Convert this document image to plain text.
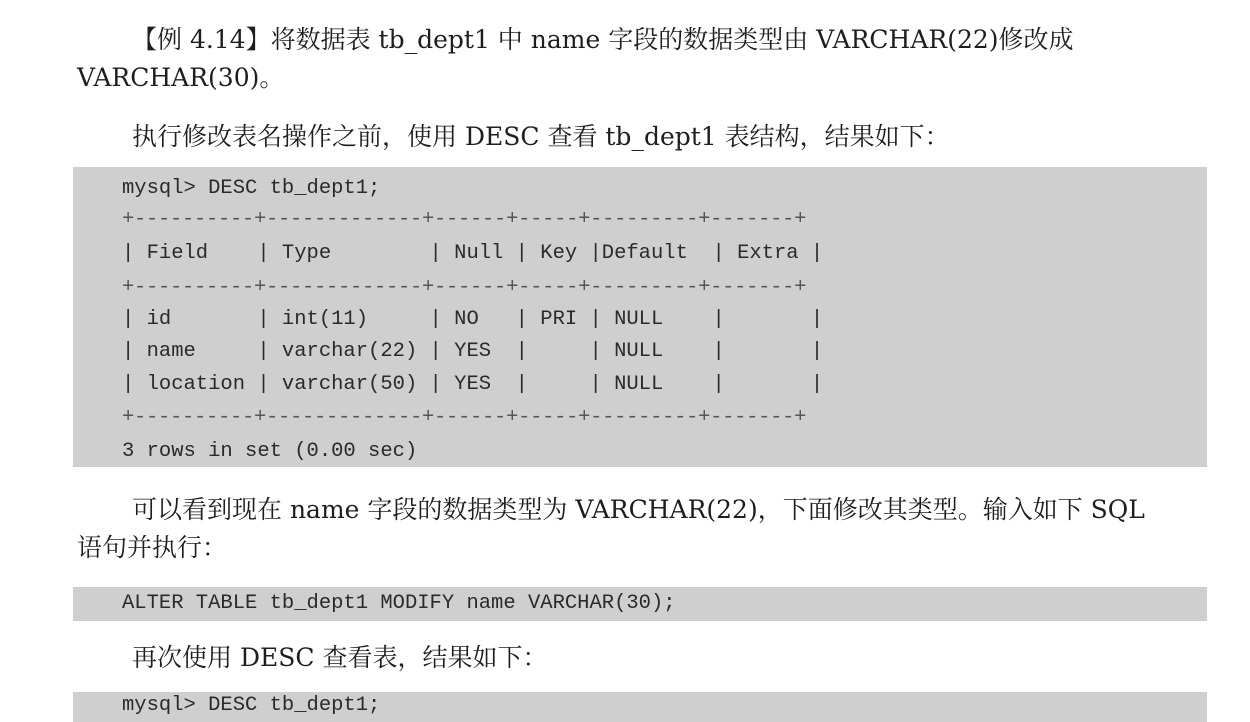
【例 4.14】将数据表 tb_dept1 中 name 字段的数据类型由 VARCHAR(22)修改成

VARCHAR(30)。

执行修改表名操作之前，使用 DESC 查看 tb_dept1 表结构，结果如下：

mysql> DESC tb_dept1;
+----------+-------------+------+-----+---------+-------+
| Field    | Type        | Null | Key |Default  | Extra |
+----------+-------------+------+-----+---------+-------+
| id       | int(11)     | NO   | PRI | NULL    |       |
| name     | varchar(22) | YES  |     | NULL    |       |
| location | varchar(50) | YES  |     | NULL    |       |
+----------+-------------+------+-----+---------+-------+
3 rows in set (0.00 sec)

可以看到现在 name 字段的数据类型为 VARCHAR(22)，下面修改其类型。输入如下 SQL

语句并执行：

ALTER TABLE tb_dept1 MODIFY name VARCHAR(30);

再次使用 DESC 查看表，结果如下：

mysql> DESC tb_dept1;
